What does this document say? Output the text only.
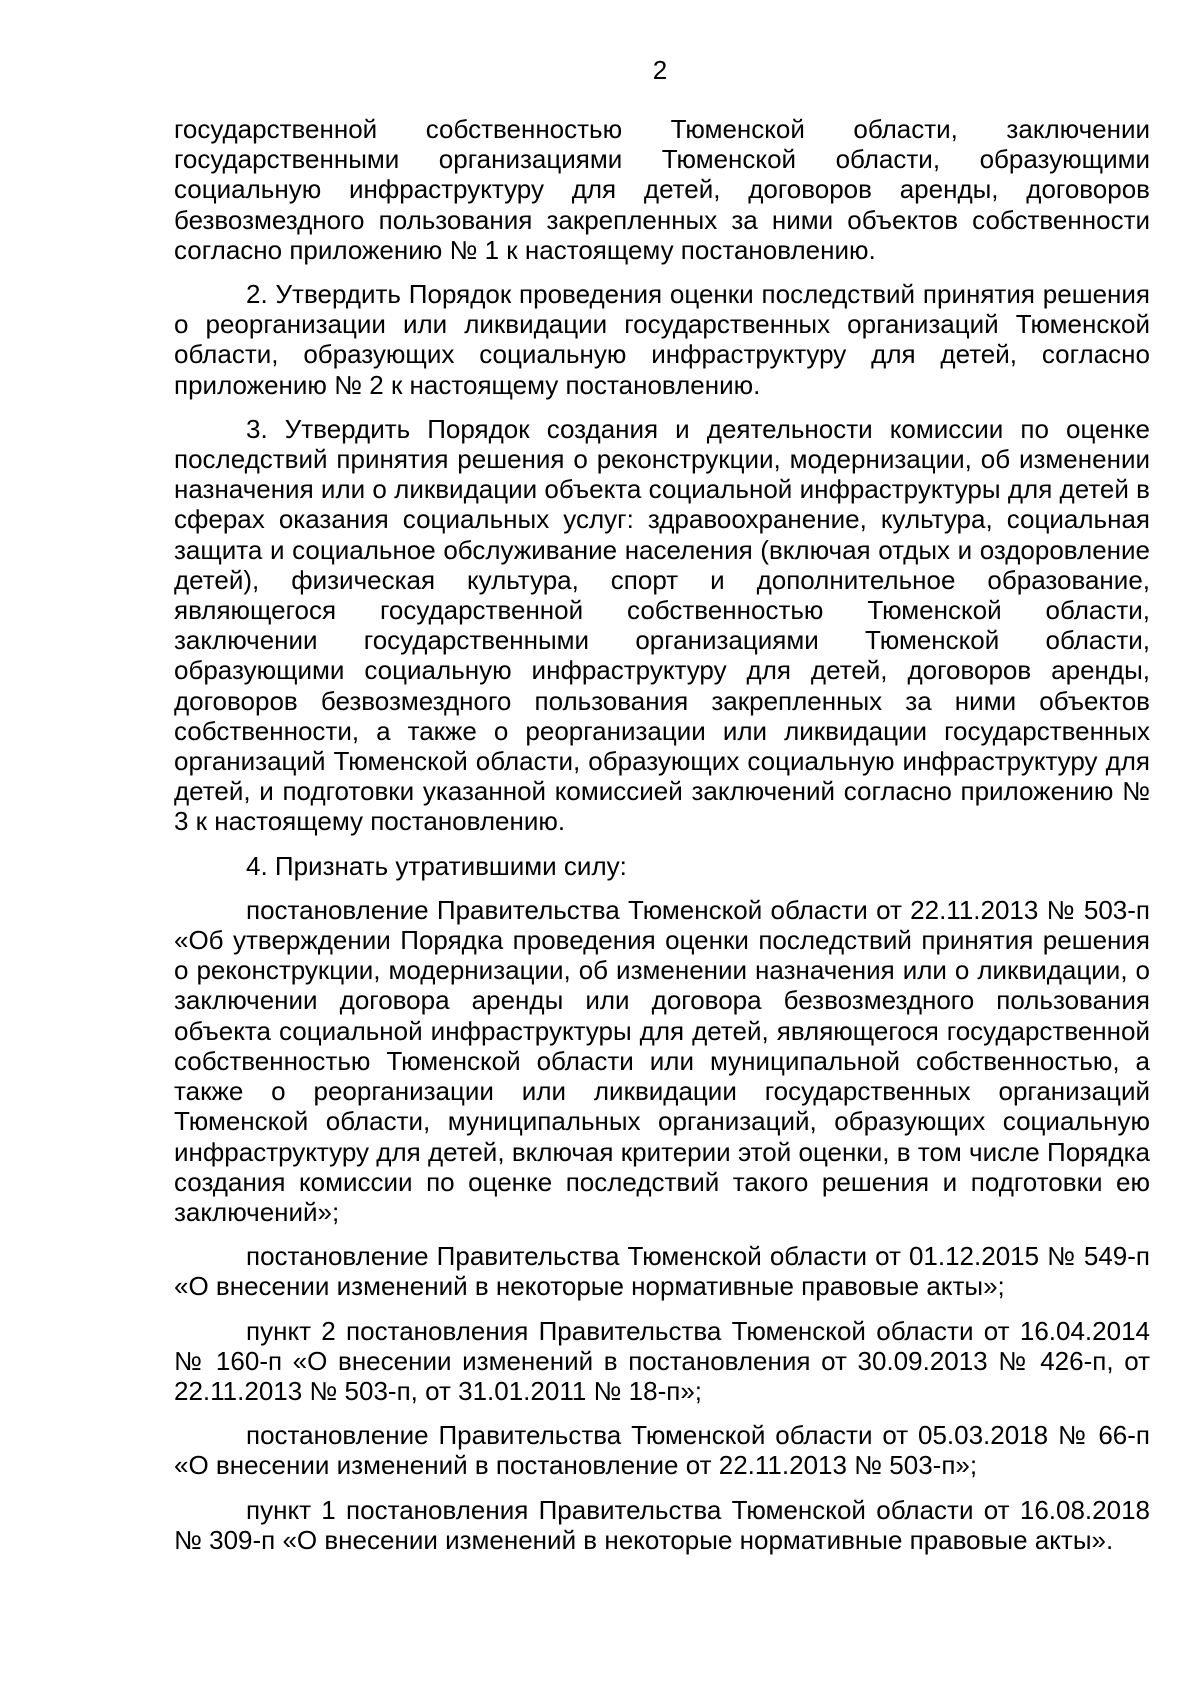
2

государственной собственностью Тюменской области, заключении государственными организациями Тюменской области, образующими социальную инфраструктуру для детей, договоров аренды, договоров безвозмездного пользования закрепленных за ними объектов собственности согласно приложению № 1 к настоящему постановлению.

2. Утвердить Порядок проведения оценки последствий принятия решения о реорганизации или ликвидации государственных организаций Тюменской области, образующих социальную инфраструктуру для детей, согласно приложению № 2 к настоящему постановлению.

3. Утвердить Порядок создания и деятельности комиссии по оценке последствий принятия решения о реконструкции, модернизации, об изменении назначения или о ликвидации объекта социальной инфраструктуры для детей в сферах оказания социальных услуг: здравоохранение, культура, социальная защита и социальное обслуживание населения (включая отдых и оздоровление детей), физическая культура, спорт и дополнительное образование, являющегося государственной собственностью Тюменской области, заключении государственными организациями Тюменской области, образующими социальную инфраструктуру для детей, договоров аренды, договоров безвозмездного пользования закрепленных за ними объектов собственности, а также о реорганизации или ликвидации государственных организаций Тюменской области, образующих социальную инфраструктуру для детей, и подготовки указанной комиссией заключений согласно приложению № 3 к настоящему постановлению.

4. Признать утратившими силу:

постановление Правительства Тюменской области от 22.11.2013 № 503-п «Об утверждении Порядка проведения оценки последствий принятия решения о реконструкции, модернизации, об изменении назначения или о ликвидации, о заключении договора аренды или договора безвозмездного пользования объекта социальной инфраструктуры для детей, являющегося государственной собственностью Тюменской области или муниципальной собственностью, а также о реорганизации или ликвидации государственных организаций Тюменской области, муниципальных организаций, образующих социальную инфраструктуру для детей, включая критерии этой оценки, в том числе Порядка создания комиссии по оценке последствий такого решения и подготовки ею заключений»;

постановление Правительства Тюменской области от 01.12.2015 № 549-п «О внесении изменений в некоторые нормативные правовые акты»;

пункт 2 постановления Правительства Тюменской области от 16.04.2014 № 160-п «О внесении изменений в постановления от 30.09.2013 № 426-п, от 22.11.2013 № 503-п, от 31.01.2011 № 18-п»;

постановление Правительства Тюменской области от 05.03.2018 № 66-п «О внесении изменений в постановление от 22.11.2013 № 503-п»;

пункт 1 постановления Правительства Тюменской области от 16.08.2018 № 309-п «О внесении изменений в некоторые нормативные правовые акты».
